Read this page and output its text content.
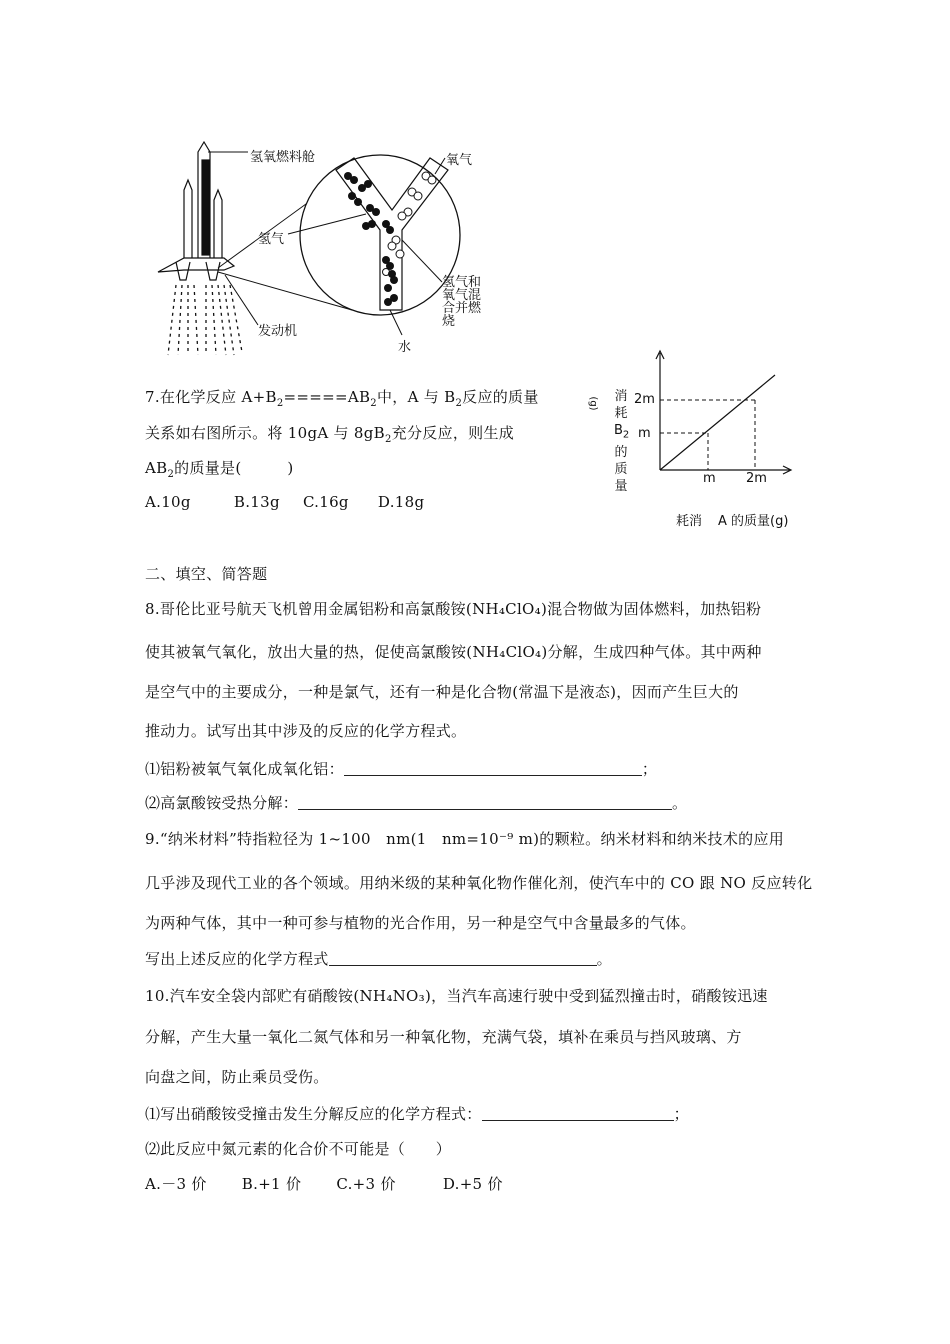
氢氧燃料舱	氧气
氢气
氢气和
氧气混
合并燃
烧
发动机
水
7.在化学反应 $A+B_2=====AB_2$中，A 与 $B_2$反应的质量
关系如右图所示。将 10gA 与 $8gB_2$充分反应，则生成
$AB_2$的质量是(　　　)
A.10g	B.13g C.16g D.18g
2m
m
m 2m
消
耗
$B_2$
的
质
量
(g)
耗消 A 的质量(g)
二、填空、简答题
8.哥伦比亚号航天飞机曾用金属铝粉和高氯酸铵(NH₄ClO₄)混合物做为固体燃料，加热铝粉
使其被氧气氧化，放出大量的热，促使高氯酸铵(NH₄ClO₄)分解，生成四种气体。其中两种
是空气中的主要成分，一种是氯气，还有一种是化合物(常温下是液态)，因而产生巨大的
推动力。试写出其中涉及的反应的化学方程式。
⑴铝粉被氧气氧化成氧化铝：	；
⑵高氯酸铵受热分解：	。
9.“纳米材料”特指粒径为 1~100　nm(1　nm=10⁻⁹ m)的颗粒。纳米材料和纳米技术的应用
几乎涉及现代工业的各个领域。用纳米级的某种氧化物作催化剂，使汽车中的 CO 跟 NO 反应转化
为两种气体，其中一种可参与植物的光合作用，另一种是空气中含量最多的气体。
写出上述反应的化学方程式	。
10.汽车安全袋内部贮有硝酸铵(NH₄NO₃)，当汽车高速行驶中受到猛烈撞击时，硝酸铵迅速
分解，产生大量一氧化二氮气体和另一种氧化物，充满气袋，填补在乘员与挡风玻璃、方
向盘之间，防止乘员受伤。
⑴写出硝酸铵受撞击发生分解反应的化学方程式：	；
⑵此反应中氮元素的化合价不可能是（　　）
A.－3 价 B.+1 价 C.+3 价	D.+5 价
